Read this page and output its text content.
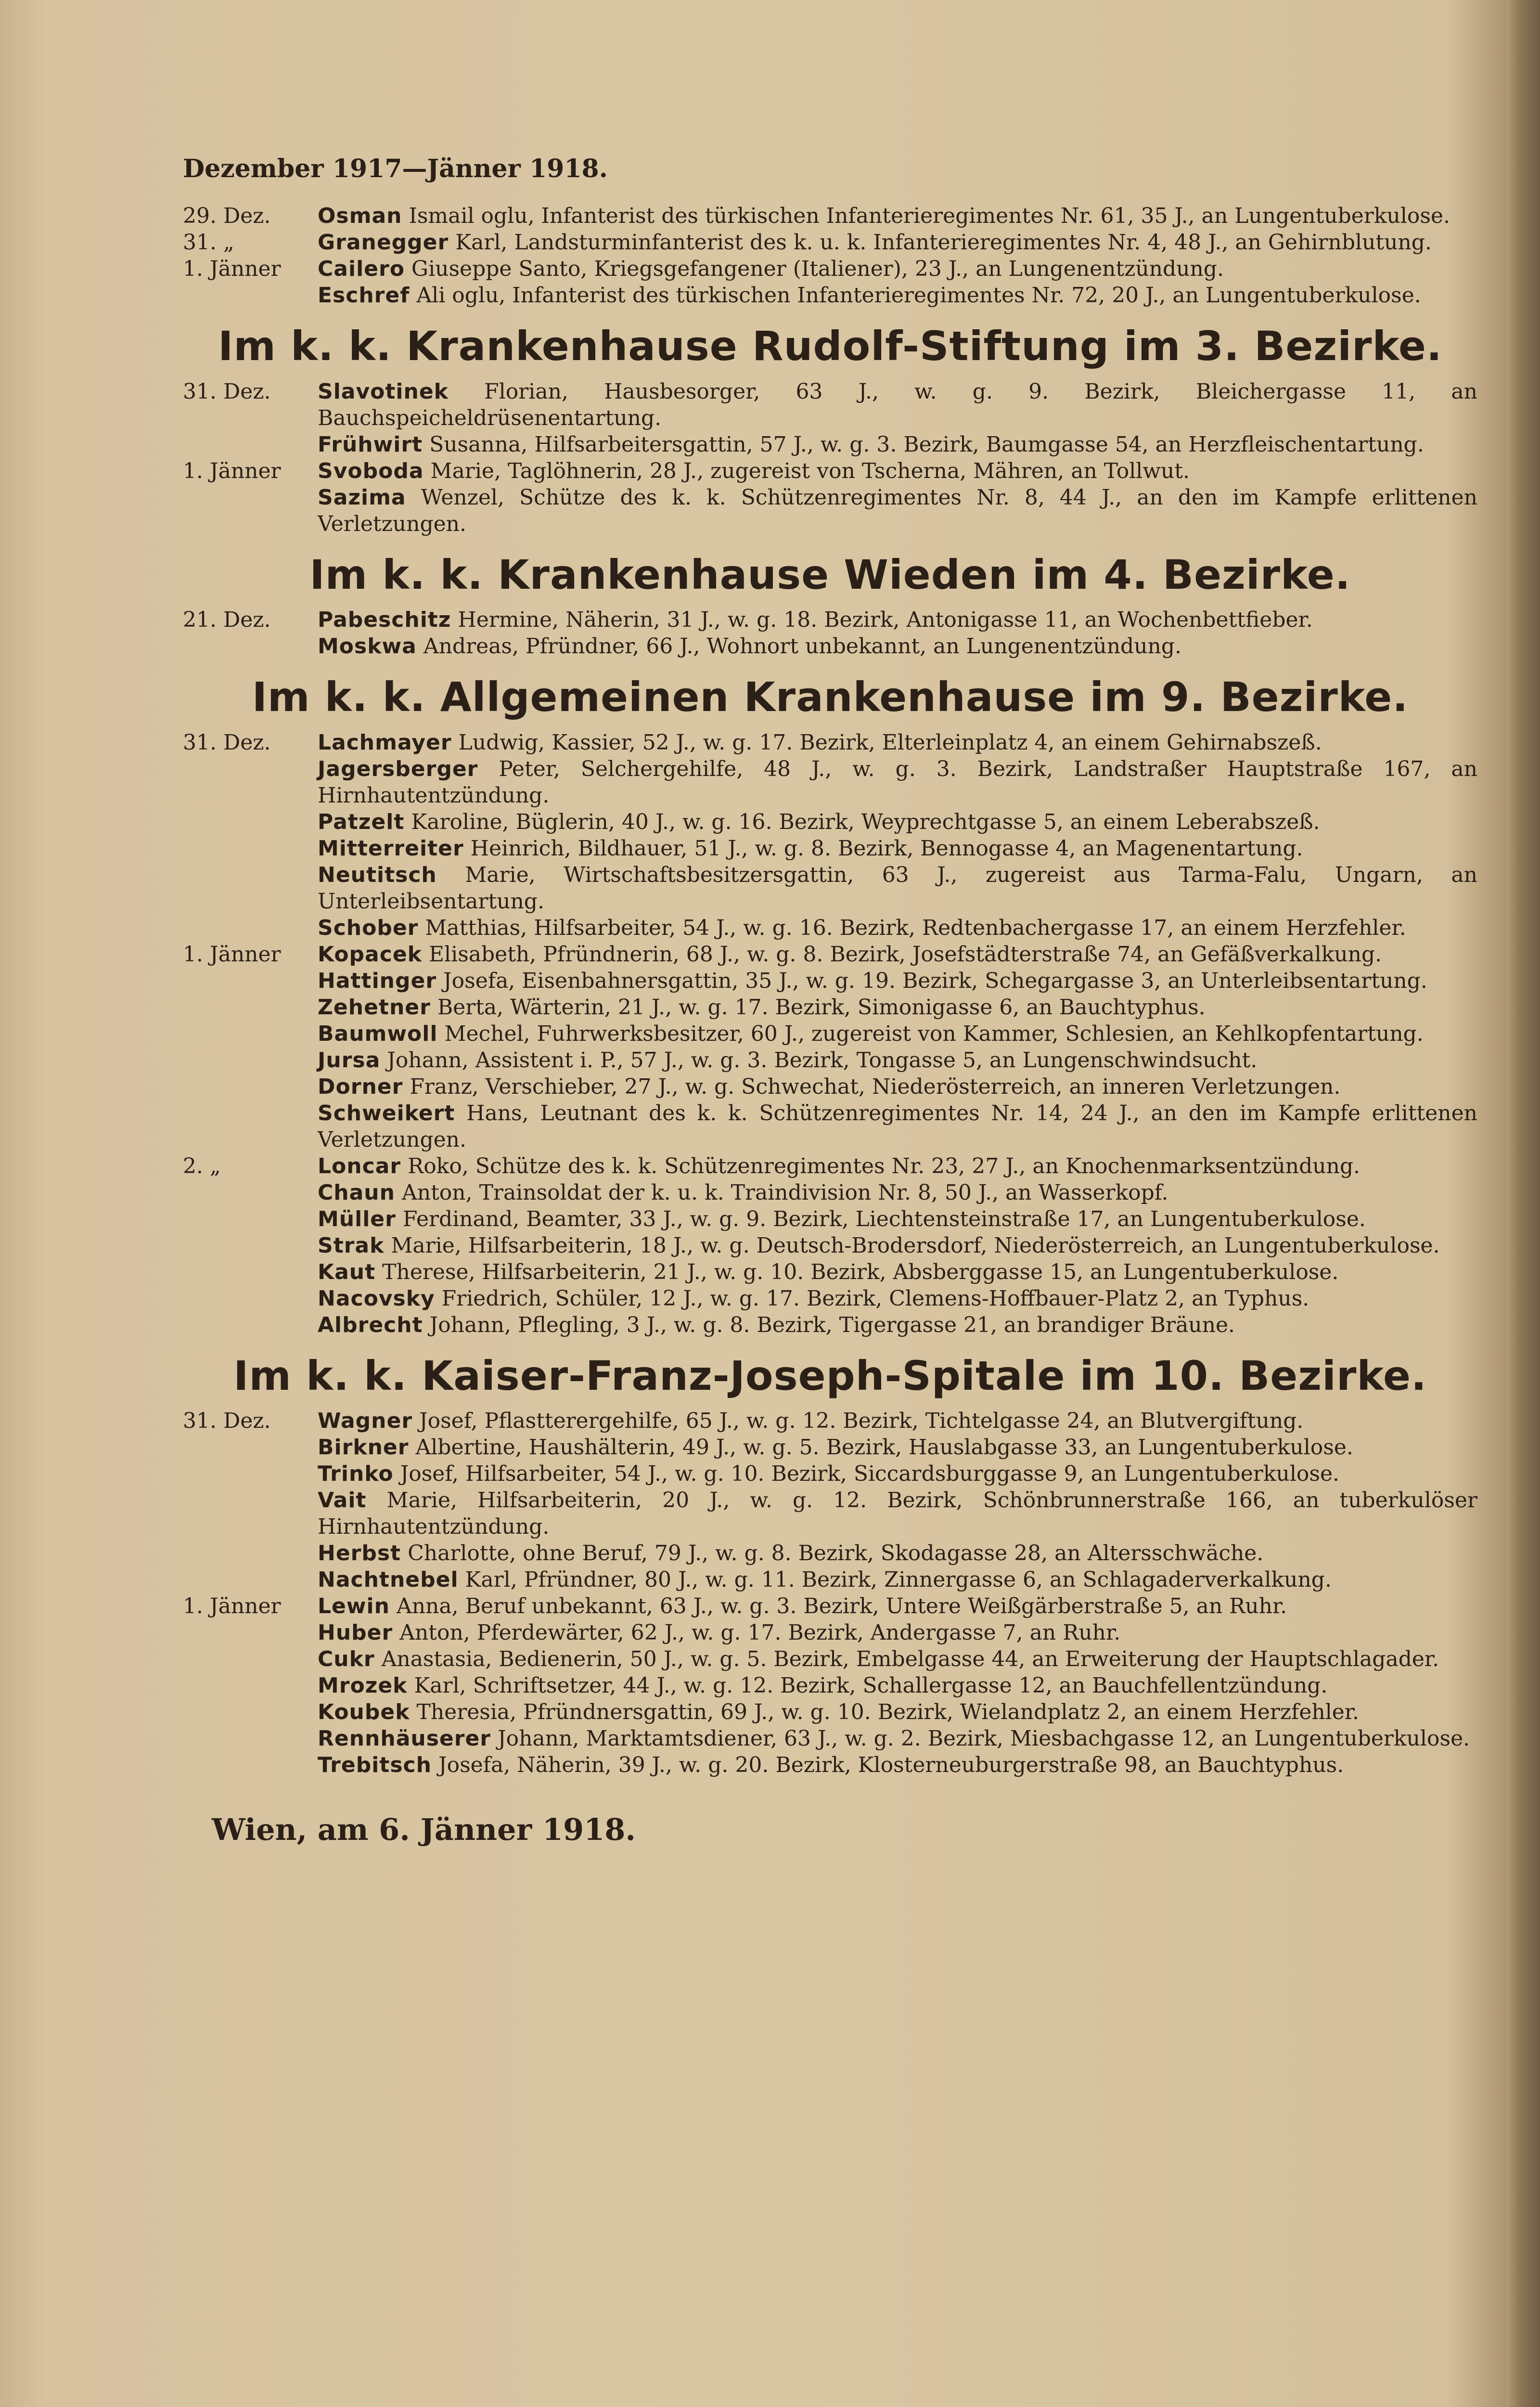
Dezember 1917—Jänner 1918.
29. Dez.	Osman Ismail oglu, Infanterist des türkischen Infanterieregimentes Nr. 61, 35 J., an Lungentuberkulose.
31. „	Granegger Karl, Landsturminfanterist des k. u. k. Infanterieregimentes Nr. 4, 48 J., an Gehirnblutung.
1. Jänner	Cailero Giuseppe Santo, Kriegsgefangener (Italiener), 23 J., an Lungenentzündung.
Eschref Ali oglu, Infanterist des türkischen Infanterieregimentes Nr. 72, 20 J., an Lungentuberkulose.
Im k. k. Krankenhause Rudolf-Stiftung im 3. Bezirke.
31. Dez.	Slavotinek Florian, Hausbesorger, 63 J., w. g. 9. Bezirk, Bleichergasse 11, an Bauchspeicheldrüsenentartung.
Frühwirt Susanna, Hilfsarbeitersgattin, 57 J., w. g. 3. Bezirk, Baumgasse 54, an Herzfleischentartung.
1. Jänner	Svoboda Marie, Taglöhnerin, 28 J., zugereist von Tscherna, Mähren, an Tollwut.
Sazima Wenzel, Schütze des k. k. Schützenregimentes Nr. 8, 44 J., an den im Kampfe erlittenen Verletzungen.
Im k. k. Krankenhause Wieden im 4. Bezirke.
21. Dez.	Pabeschitz Hermine, Näherin, 31 J., w. g. 18. Bezirk, Antonigasse 11, an Wochenbettfieber.
Moskwa Andreas, Pfründner, 66 J., Wohnort unbekannt, an Lungenentzündung.
Im k. k. Allgemeinen Krankenhause im 9. Bezirke.
31. Dez.	Lachmayer Ludwig, Kassier, 52 J., w. g. 17. Bezirk, Elterleinplatz 4, an einem Gehirnabszeß.
Jagersberger Peter, Selchergehilfe, 48 J., w. g. 3. Bezirk, Landstraßer Hauptstraße 167, an Hirnhautentzündung.
Patzelt Karoline, Büglerin, 40 J., w. g. 16. Bezirk, Weyprechtgasse 5, an einem Leberabszeß.
Mitterreiter Heinrich, Bildhauer, 51 J., w. g. 8. Bezirk, Bennogasse 4, an Magenentartung.
Neutitsch Marie, Wirtschaftsbesitzersgattin, 63 J., zugereist aus Tarma-Falu, Ungarn, an Unterleibsentartung.
Schober Matthias, Hilfsarbeiter, 54 J., w. g. 16. Bezirk, Redtenbachergasse 17, an einem Herzfehler.
1. Jänner	Kopacek Elisabeth, Pfründnerin, 68 J., w. g. 8. Bezirk, Josefstädterstraße 74, an Gefäßverkalkung.
Hattinger Josefa, Eisenbahnersgattin, 35 J., w. g. 19. Bezirk, Schegargasse 3, an Unterleibsentartung.
Zehetner Berta, Wärterin, 21 J., w. g. 17. Bezirk, Simonigasse 6, an Bauchtyphus.
Baumwoll Mechel, Fuhrwerksbesitzer, 60 J., zugereist von Kammer, Schlesien, an Kehlkopfentartung.
Jursa Johann, Assistent i. P., 57 J., w. g. 3. Bezirk, Tongasse 5, an Lungenschwindsucht.
Dorner Franz, Verschieber, 27 J., w. g. Schwechat, Niederösterreich, an inneren Verletzungen.
Schweikert Hans, Leutnant des k. k. Schützenregimentes Nr. 14, 24 J., an den im Kampfe erlittenen Verletzungen.
2. „	Loncar Roko, Schütze des k. k. Schützenregimentes Nr. 23, 27 J., an Knochenmarksentzündung.
Chaun Anton, Trainsoldat der k. u. k. Traindivision Nr. 8, 50 J., an Wasserkopf.
Müller Ferdinand, Beamter, 33 J., w. g. 9. Bezirk, Liechtensteinstraße 17, an Lungentuberkulose.
Strak Marie, Hilfsarbeiterin, 18 J., w. g. Deutsch-Brodersdorf, Niederösterreich, an Lungentuberkulose.
Kaut Therese, Hilfsarbeiterin, 21 J., w. g. 10. Bezirk, Absberggasse 15, an Lungentuberkulose.
Nacovsky Friedrich, Schüler, 12 J., w. g. 17. Bezirk, Clemens-Hoffbauer-Platz 2, an Typhus.
Albrecht Johann, Pflegling, 3 J., w. g. 8. Bezirk, Tigergasse 21, an brandiger Bräune.
Im k. k. Kaiser-Franz-Joseph-Spitale im 10. Bezirke.
31. Dez.	Wagner Josef, Pflastterergehilfe, 65 J., w. g. 12. Bezirk, Tichtelgasse 24, an Blutvergiftung.
Birkner Albertine, Haushälterin, 49 J., w. g. 5. Bezirk, Hauslabgasse 33, an Lungentuberkulose.
Trinko Josef, Hilfsarbeiter, 54 J., w. g. 10. Bezirk, Siccardsburggasse 9, an Lungentuberkulose.
Vait Marie, Hilfsarbeiterin, 20 J., w. g. 12. Bezirk, Schönbrunnerstraße 166, an tuberkulöser Hirnhautentzündung.
Herbst Charlotte, ohne Beruf, 79 J., w. g. 8. Bezirk, Skodagasse 28, an Altersschwäche.
Nachtnebel Karl, Pfründner, 80 J., w. g. 11. Bezirk, Zinnergasse 6, an Schlagaderverkalkung.
1. Jänner	Lewin Anna, Beruf unbekannt, 63 J., w. g. 3. Bezirk, Untere Weißgärberstraße 5, an Ruhr.
Huber Anton, Pferdewärter, 62 J., w. g. 17. Bezirk, Andergasse 7, an Ruhr.
Cukr Anastasia, Bedienerin, 50 J., w. g. 5. Bezirk, Embelgasse 44, an Erweiterung der Hauptschlagader.
Mrozek Karl, Schriftsetzer, 44 J., w. g. 12. Bezirk, Schallergasse 12, an Bauchfellentzündung.
Koubek Theresia, Pfründnersgattin, 69 J., w. g. 10. Bezirk, Wielandplatz 2, an einem Herzfehler.
Rennhäuserer Johann, Marktamtsdiener, 63 J., w. g. 2. Bezirk, Miesbachgasse 12, an Lungentuberkulose.
Trebitsch Josefa, Näherin, 39 J., w. g. 20. Bezirk, Klosterneuburgerstraße 98, an Bauchtyphus.
Wien, am 6. Jänner 1918.
